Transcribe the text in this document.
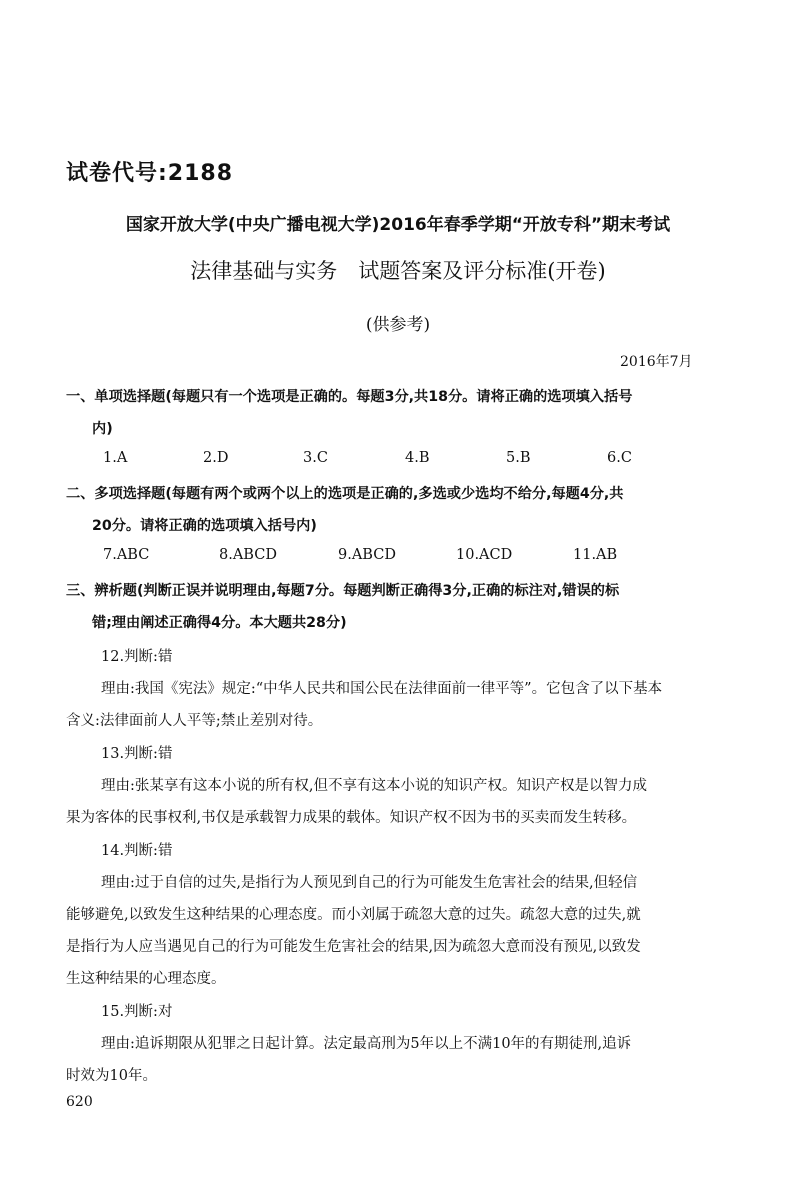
试卷代号:2188
国家开放大学(中央广播电视大学)2016年春季学期“开放专科”期末考试
法律基础与实务　试题答案及评分标准(开卷)
(供参考)
2016年7月
一、单项选择题(每题只有一个选项是正确的。每题3分,共18分。请将正确的选项填入括号
内)
1.A	2.D	3.C	4.B	5.B	6.C
二、多项选择题(每题有两个或两个以上的选项是正确的,多选或少选均不给分,每题4分,共
20分。请将正确的选项填入括号内)
7.ABC	8.ABCD	9.ABCD	10.ACD	11.AB
三、辨析题(判断正误并说明理由,每题7分。每题判断正确得3分,正确的标注对,错误的标
错;理由阐述正确得4分。本大题共28分)
12.判断:错
理由:我国《宪法》规定:“中华人民共和国公民在法律面前一律平等”。它包含了以下基本
含义:法律面前人人平等;禁止差别对待。
13.判断:错
理由:张某享有这本小说的所有权,但不享有这本小说的知识产权。知识产权是以智力成
果为客体的民事权利,书仅是承载智力成果的载体。知识产权不因为书的买卖而发生转移。
14.判断:错
理由:过于自信的过失,是指行为人预见到自己的行为可能发生危害社会的结果,但轻信
能够避免,以致发生这种结果的心理态度。而小刘属于疏忽大意的过失。疏忽大意的过失,就
是指行为人应当遇见自己的行为可能发生危害社会的结果,因为疏忽大意而没有预见,以致发
生这种结果的心理态度。
15.判断:对
理由:追诉期限从犯罪之日起计算。法定最高刑为5年以上不满10年的有期徒刑,追诉
时效为10年。
620
